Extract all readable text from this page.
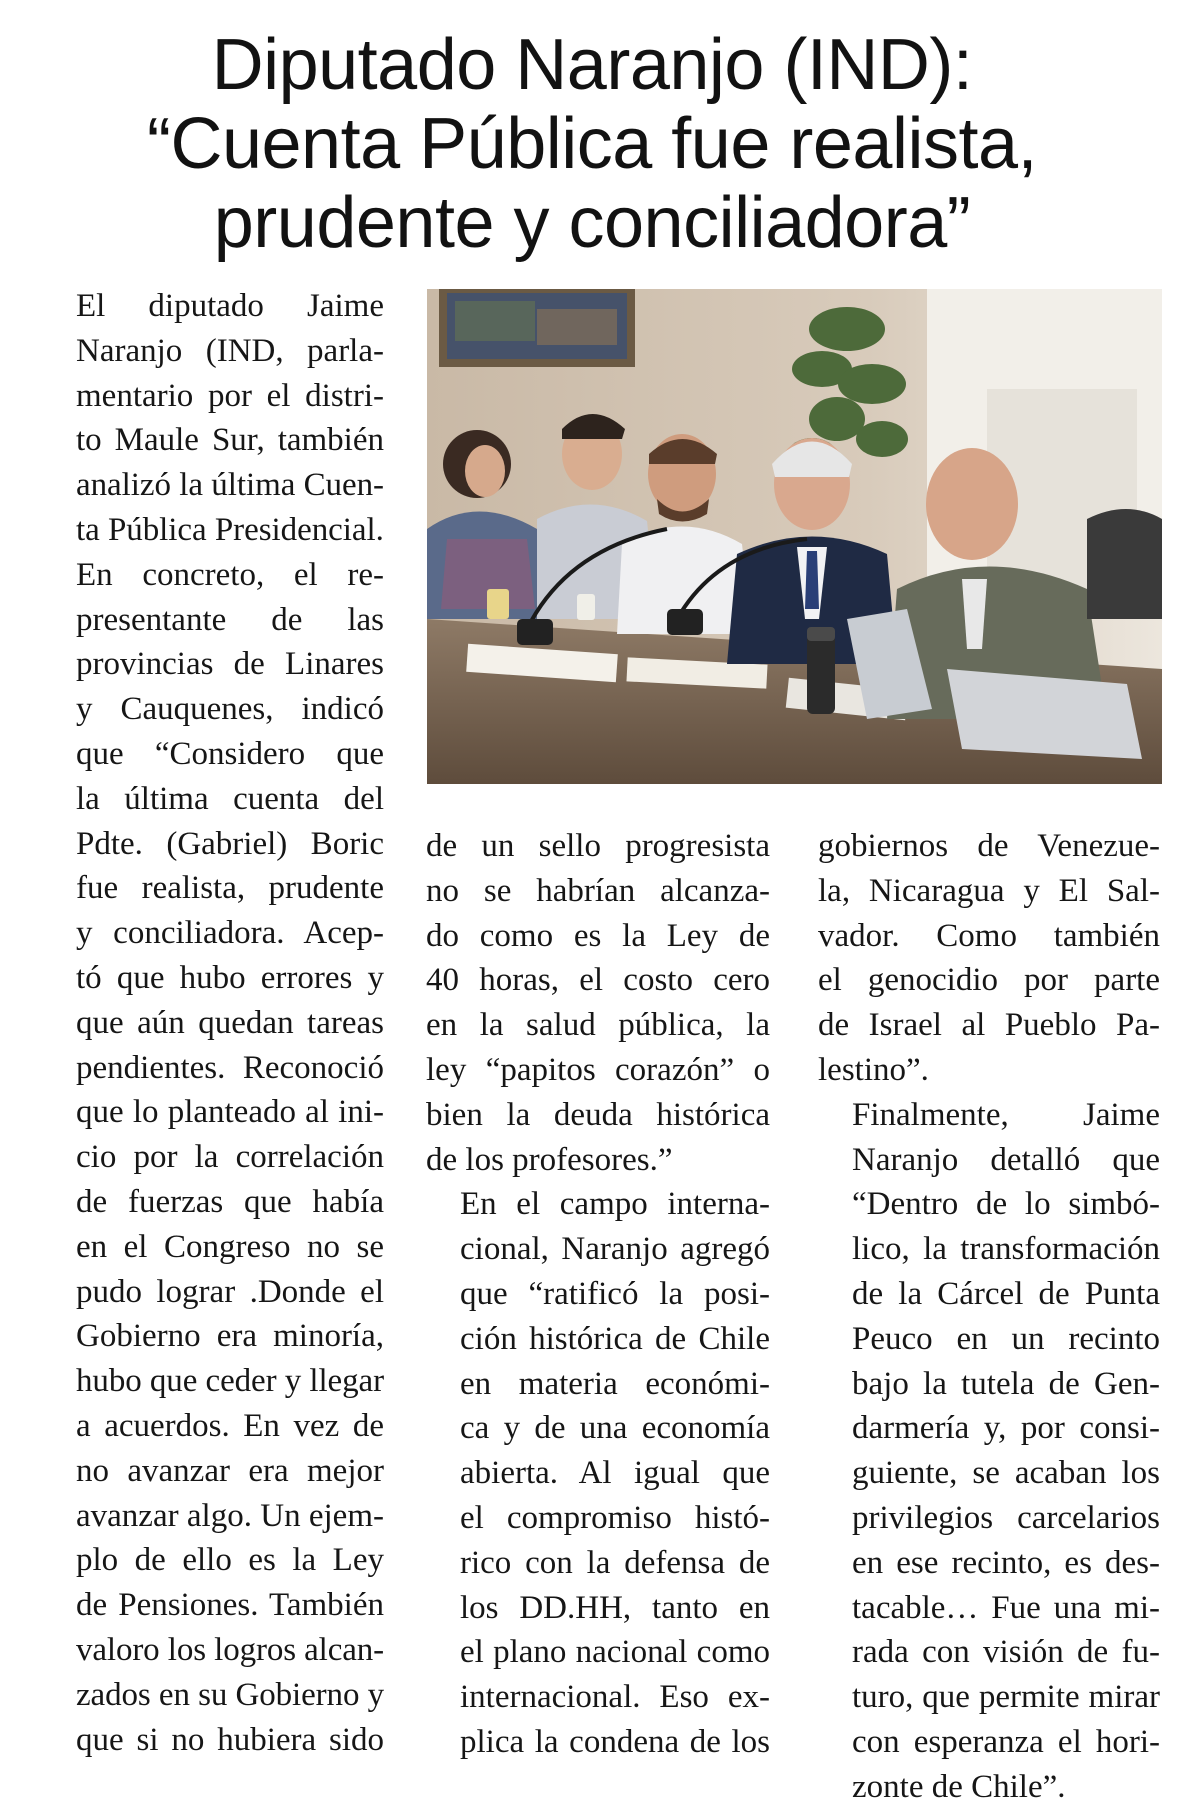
Diputado Naranjo (IND):
“Cuenta Pública fue realista,
prudente y conciliadora”

El diputado Jaime
Naranjo (IND, parla-
mentario por el distri-
to Maule Sur, también
analizó la última Cuen-
ta Pública Presidencial.

En concreto, el re-
presentante de las
provincias de Linares
y Cauquenes, indicó
que “Considero que
la última cuenta del
Pdte. (Gabriel) Boric
fue realista, prudente
y conciliadora. Acep-
tó que hubo errores y
que aún quedan tareas
pendientes. Reconoció
que lo planteado al ini-
cio por la correlación
de fuerzas que había
en el Congreso no se
pudo lograr .Donde el
Gobierno era minoría,
hubo que ceder y llegar
a acuerdos. En vez de
no avanzar era mejor
avanzar algo. Un ejem-
plo de ello es la Ley
de Pensiones. También
valoro los logros alcan-
zados en su Gobierno y
que si no hubiera sido

de un sello progresista
no se habrían alcanza-
do como es la Ley de
40 horas, el costo cero
en la salud pública, la
ley “papitos corazón” o
bien la deuda histórica
de los profesores.”

En el campo interna-
cional, Naranjo agregó
que “ratificó la posi-
ción histórica de Chile
en materia económi-
ca y de una economía
abierta. Al igual que
el compromiso histó-
rico con la defensa de
los DD.HH, tanto en
el plano nacional como
internacional. Eso ex-
plica la condena de los

gobiernos de Venezue-
la, Nicaragua y El Sal-
vador. Como también
el genocidio por parte
de Israel al Pueblo Pa-
lestino”.

Finalmente, Jaime
Naranjo detalló que
“Dentro de lo simbó-
lico, la transformación
de la Cárcel de Punta
Peuco en un recinto
bajo la tutela de Gen-
darmería y, por consi-
guiente, se acaban los
privilegios carcelarios
en ese recinto, es des-
tacable… Fue una mi-
rada con visión de fu-
turo, que permite mirar
con esperanza el hori-
zonte de Chile”.
